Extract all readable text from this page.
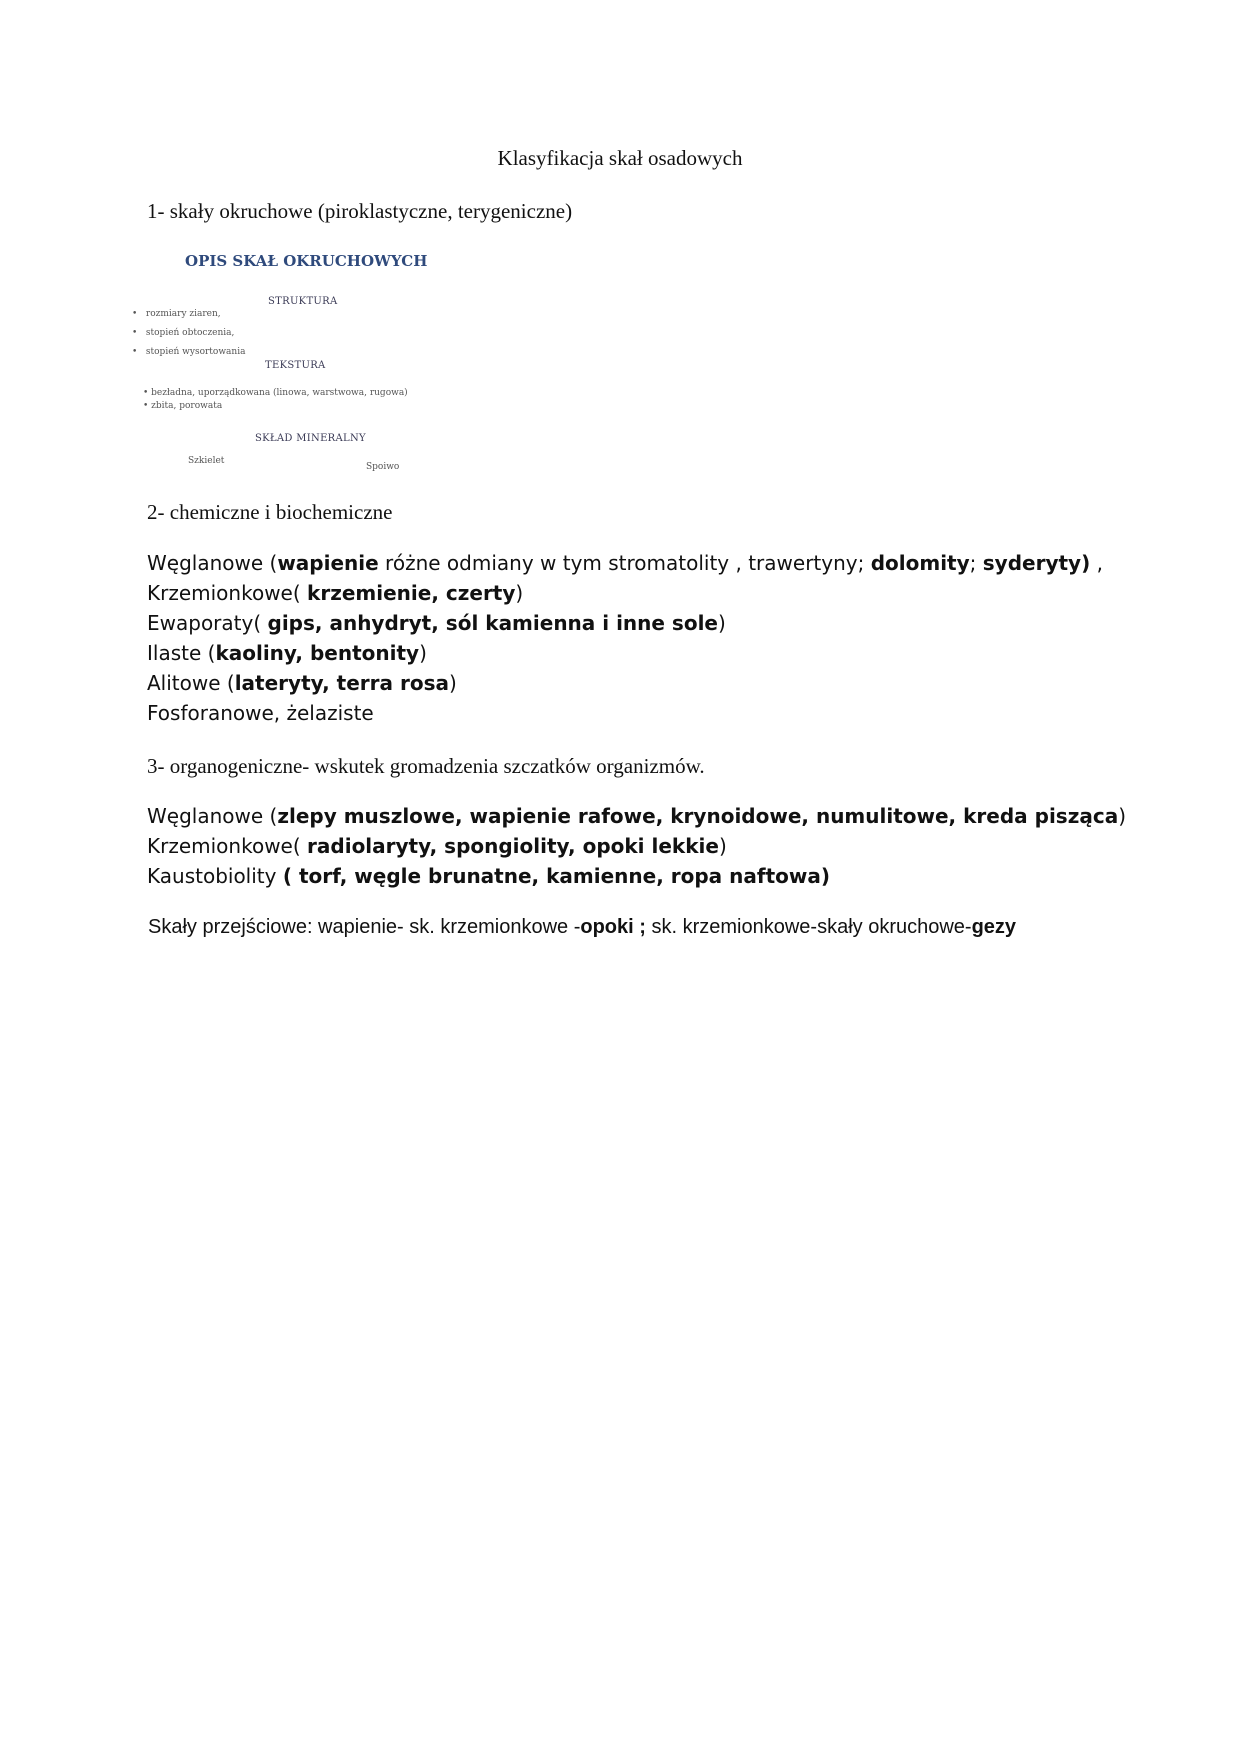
Klasyfikacja skał osadowych
1- skały okruchowe (piroklastyczne, terygeniczne)
OPIS SKAŁ OKRUCHOWYCH
STRUKTURA
•   rozmiary ziaren,
•   stopień obtoczenia,
•   stopień wysortowania
TEKSTURA
• bezładna, uporządkowana (linowa, warstwowa, rugowa)
• zbita, porowata
SKŁAD MINERALNY
Szkielet
Spoiwo
2- chemiczne i biochemiczne
Węglanowe (wapienie różne odmiany w tym stromatolity , trawertyny; dolomity; syderyty) ,
Krzemionkowe( krzemienie, czerty)
Ewaporaty( gips, anhydryt, sól kamienna i inne sole)
Ilaste (kaoliny, bentonity)
Alitowe (lateryty, terra rosa)
Fosforanowe, żelaziste
3- organogeniczne- wskutek gromadzenia szczatków organizmów.
Węglanowe (zlepy muszlowe, wapienie rafowe, krynoidowe, numulitowe, kreda pisząca)
Krzemionkowe( radiolaryty, spongiolity, opoki lekkie)
Kaustobiolity ( torf, węgle brunatne, kamienne, ropa naftowa)
Skały przejściowe: wapienie- sk. krzemionkowe -opoki ; sk. krzemionkowe-skały okruchowe-gezy
